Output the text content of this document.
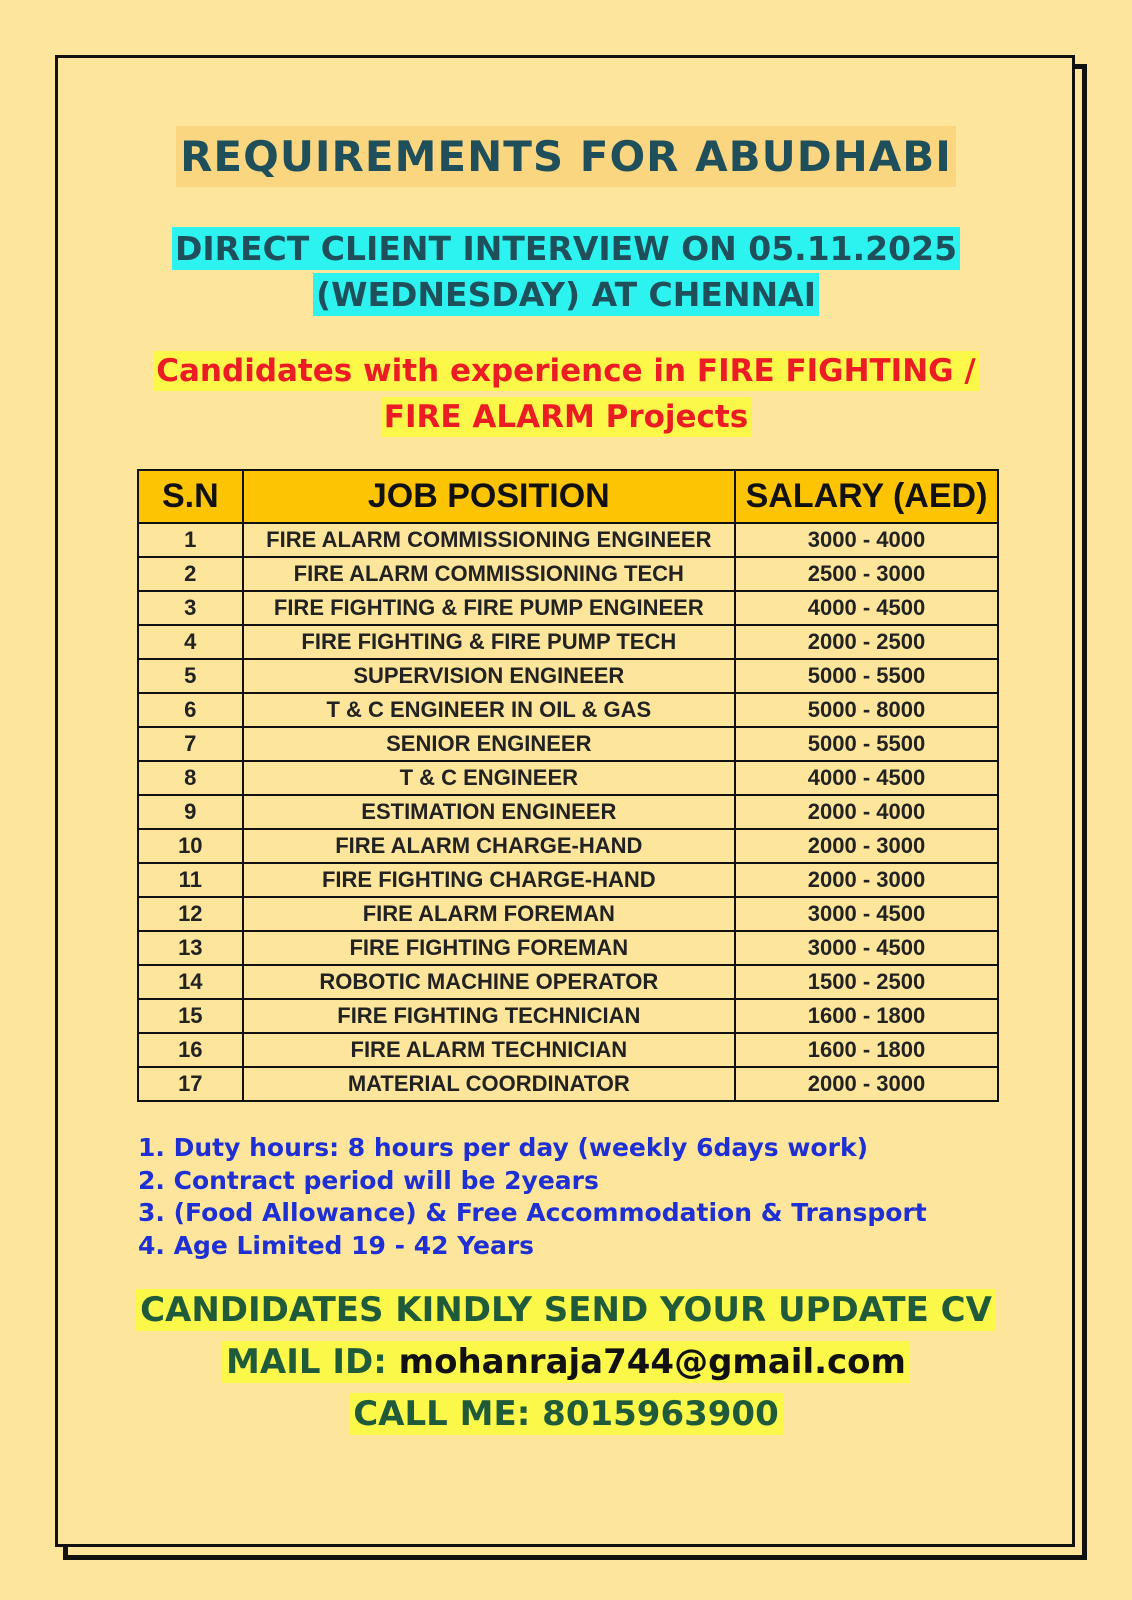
REQUIREMENTS FOR ABUDHABI
DIRECT CLIENT INTERVIEW ON 05.11.2025
(WEDNESDAY) AT CHENNAI
Candidates with experience in FIRE FIGHTING /
FIRE ALARM Projects
S.N	JOB POSITION	SALARY (AED)
1	FIRE ALARM COMMISSIONING ENGINEER	3000 - 4000
2	FIRE ALARM COMMISSIONING TECH	2500 - 3000
3	FIRE FIGHTING & FIRE PUMP ENGINEER	4000 - 4500
4	FIRE FIGHTING & FIRE PUMP TECH	2000 - 2500
5	SUPERVISION ENGINEER	5000 - 5500
6	T & C ENGINEER IN OIL & GAS	5000 - 8000
7	SENIOR ENGINEER	5000 - 5500
8	T & C ENGINEER	4000 - 4500
9	ESTIMATION ENGINEER	2000 - 4000
10	FIRE ALARM CHARGE-HAND	2000 - 3000
11	FIRE FIGHTING CHARGE-HAND	2000 - 3000
12	FIRE ALARM FOREMAN	3000 - 4500
13	FIRE FIGHTING FOREMAN	3000 - 4500
14	ROBOTIC MACHINE OPERATOR	1500 - 2500
15	FIRE FIGHTING TECHNICIAN	1600 - 1800
16	FIRE ALARM TECHNICIAN	1600 - 1800
17	MATERIAL COORDINATOR	2000 - 3000
1. Duty hours: 8 hours per day (weekly 6days work)
2. Contract period will be 2years
3. (Food Allowance) & Free Accommodation & Transport
4. Age Limited 19 - 42 Years
CANDIDATES KINDLY SEND YOUR UPDATE CV
MAIL ID: mohanraja744@gmail.com
CALL ME: 8015963900
